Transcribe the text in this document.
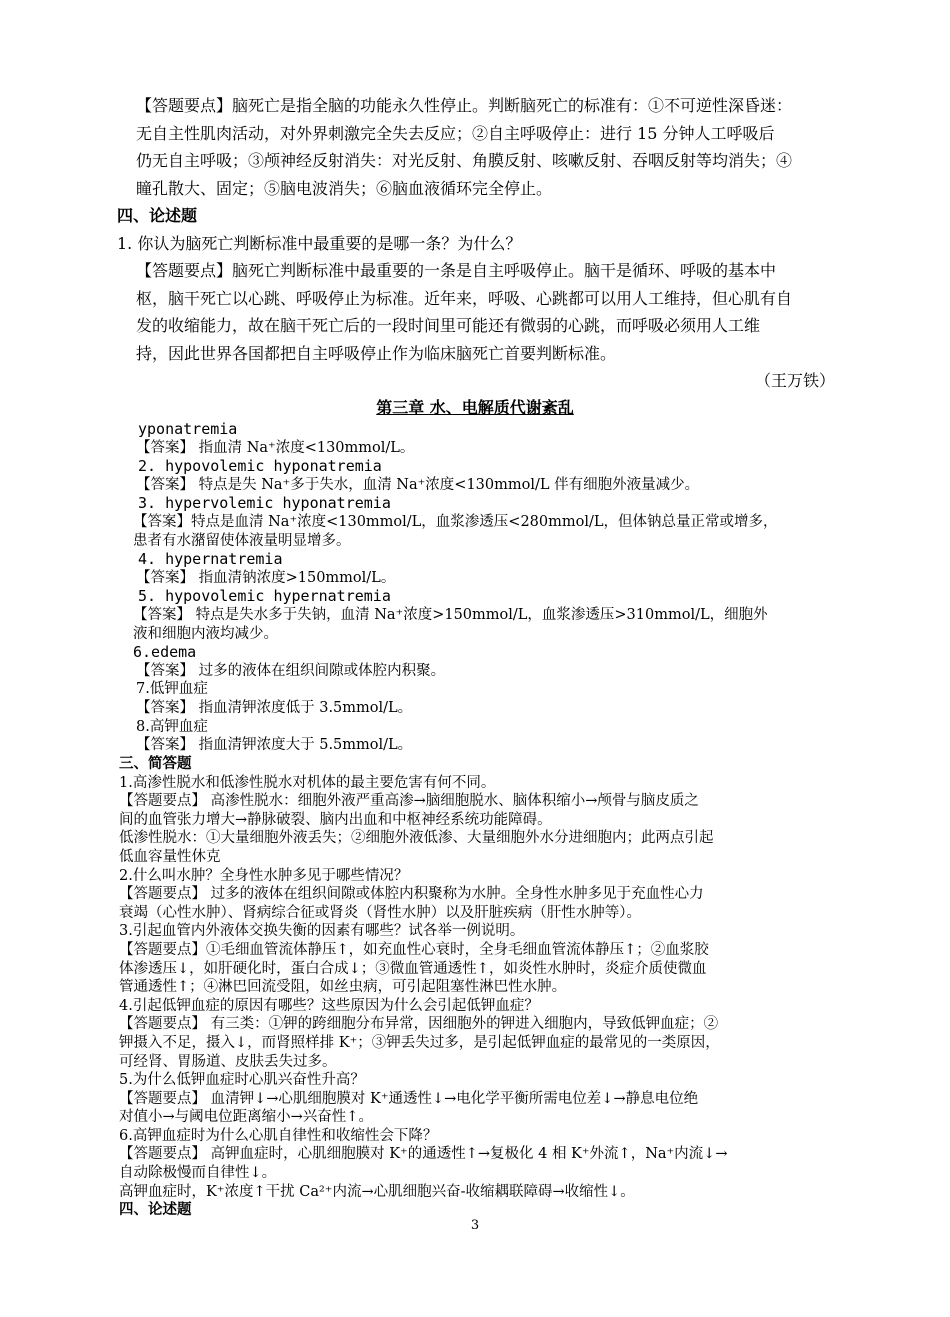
【答题要点】脑死亡是指全脑的功能永久性停止。判断脑死亡的标准有：①不可逆性深昏迷：
无自主性肌肉活动，对外界刺激完全失去反应；②自主呼吸停止：进行 15 分钟人工呼吸后
仍无自主呼吸；③颅神经反射消失：对光反射、角膜反射、咳嗽反射、吞咽反射等均消失；④
瞳孔散大、固定；⑤脑电波消失；⑥脑血液循环完全停止。
四、论述题
1. 你认为脑死亡判断标准中最重要的是哪一条？为什么？
【答题要点】脑死亡判断标准中最重要的一条是自主呼吸停止。脑干是循环、呼吸的基本中
枢，脑干死亡以心跳、呼吸停止为标准。近年来，呼吸、心跳都可以用人工维持，但心肌有自
发的收缩能力，故在脑干死亡后的一段时间里可能还有微弱的心跳，而呼吸必须用人工维
持，因此世界各国都把自主呼吸停止作为临床脑死亡首要判断标准。
（王万铁）
第三章 水、电解质代谢紊乱
yponatremia
【答案】 指血清 Na⁺浓度<130mmol/L。
2. hypovolemic hyponatremia
【答案】 特点是失 Na⁺多于失水，血清 Na⁺浓度<130mmol/L 伴有细胞外液量减少。
3. hypervolemic hyponatremia
【答案】特点是血清 Na⁺浓度<130mmol/L，血浆渗透压<280mmol/L，但体钠总量正常或增多，
患者有水潴留使体液量明显增多。
4. hypernatremia
【答案】 指血清钠浓度>150mmol/L。
5. hypovolemic hypernatremia
【答案】 特点是失水多于失钠，血清 Na⁺浓度>150mmol/L，血浆渗透压>310mmol/L，细胞外
液和细胞内液均减少。
6.edema
【答案】 过多的液体在组织间隙或体腔内积聚。
7.低钾血症
【答案】 指血清钾浓度低于 3.5mmol/L。
8.高钾血症
【答案】 指血清钾浓度大于 5.5mmol/L。
三、简答题
1.高渗性脱水和低渗性脱水对机体的最主要危害有何不同。
【答题要点】 高渗性脱水：细胞外液严重高渗→脑细胞脱水、脑体积缩小→颅骨与脑皮质之
间的血管张力增大→静脉破裂、脑内出血和中枢神经系统功能障碍。
低渗性脱水：①大量细胞外液丢失；②细胞外液低渗、大量细胞外水分进细胞内；此两点引起
低血容量性休克
2.什么叫水肿？全身性水肿多见于哪些情况？
【答题要点】 过多的液体在组织间隙或体腔内积聚称为水肿。全身性水肿多见于充血性心力
衰竭（心性水肿）、肾病综合征或肾炎（肾性水肿）以及肝脏疾病（肝性水肿等）。
3.引起血管内外液体交换失衡的因素有哪些？试各举一例说明。
【答题要点】①毛细血管流体静压↑，如充血性心衰时，全身毛细血管流体静压↑；②血浆胶
体渗透压↓，如肝硬化时，蛋白合成↓；③微血管通透性↑，如炎性水肿时，炎症介质使微血
管通透性↑；④淋巴回流受阻，如丝虫病，可引起阻塞性淋巴性水肿。
4.引起低钾血症的原因有哪些？这些原因为什么会引起低钾血症？
【答题要点】 有三类：①钾的跨细胞分布异常，因细胞外的钾进入细胞内，导致低钾血症；②
钾摄入不足，摄入↓，而肾照样排 K⁺；③钾丢失过多，是引起低钾血症的最常见的一类原因，
可经肾、胃肠道、皮肤丢失过多。
5.为什么低钾血症时心肌兴奋性升高？
【答题要点】 血清钾↓→心肌细胞膜对 K⁺通透性↓→电化学平衡所需电位差↓→静息电位绝
对值小→与阈电位距离缩小→兴奋性↑。
6.高钾血症时为什么心肌自律性和收缩性会下降？
【答题要点】 高钾血症时，心肌细胞膜对 K⁺的通透性↑→复极化 4 相 K⁺外流↑，Na⁺内流↓→
自动除极慢而自律性↓。
高钾血症时，K⁺浓度↑干扰 Ca²⁺内流→心肌细胞兴奋-收缩耦联障碍→收缩性↓。
四、论述题
3
